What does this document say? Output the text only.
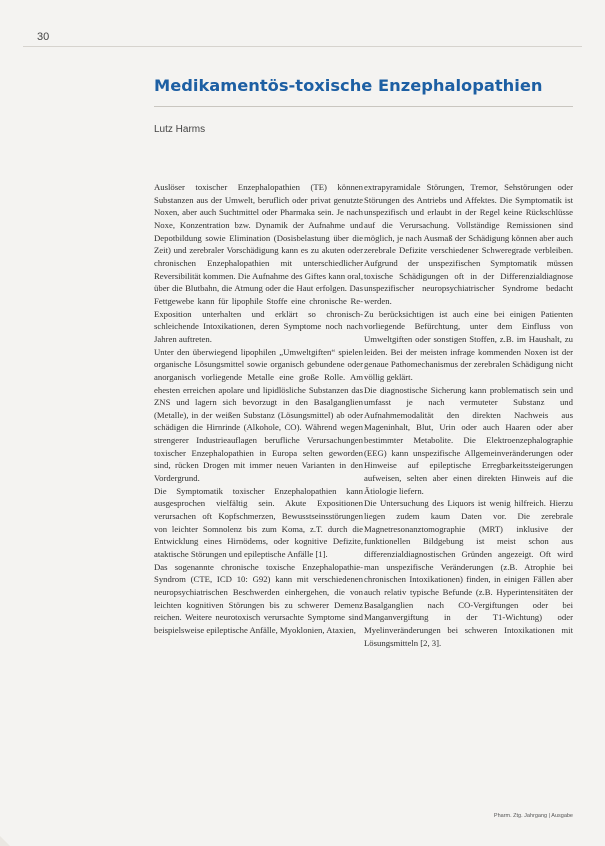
30
Medikamentös-toxische Enzephalopathien
Lutz Harms

Auslöser toxischer Enzephalopathien (TE) können Substanzen aus der Umwelt, beruflich oder privat genutzte Noxen, aber auch Suchtmittel oder Pharmaka sein. Je nach Noxe, Konzentration bzw. Dynamik der Aufnahme und Depotbildung sowie Elimination (Dosisbelastung über die Zeit) und zerebraler Vorschädigung kann es zu akuten oder chronischen Enzephalopathien mit unterschiedlicher Reversibilität kommen. Die Aufnahme des Giftes kann oral, über die Blutbahn, die Atmung oder die Haut erfolgen. Das Fettgewebe kann für lipophile Stoffe eine chronische Re-Exposition unterhalten und erklärt so chronisch-schleichende Intoxikationen, deren Symptome noch nach Jahren auftreten.

Unter den überwiegend lipophilen „Umweltgiften“ spielen organische Lösungsmittel sowie organisch gebundene oder anorganisch vorliegende Metalle eine große Rolle. Am ehesten erreichen apolare und lipidlösliche Substanzen das ZNS und lagern sich bevorzugt in den Basalganglien (Metalle), in der weißen Substanz (Lösungsmittel) ab oder schädigen die Hirnrinde (Alkohole, CO). Während wegen strengerer Industrieauflagen berufliche Verursachungen toxischer Enzephalopathien in Europa selten geworden sind, rücken Drogen mit immer neuen Varianten in den Vordergrund.

Die Symptomatik toxischer Enzephalopathien kann ausgesprochen vielfältig sein. Akute Expositionen verursachen oft Kopfschmerzen, Bewusstseinsstörungen von leichter Somnolenz bis zum Koma, z.T. durch die Entwicklung eines Hirnödems, oder kognitive Defizite, ataktische Störungen und epileptische Anfälle [1].

Das sogenannte chronische toxische Enzephalopathie-Syndrom (CTE, ICD 10: G92) kann mit verschiedenen neuropsychiatrischen Beschwerden einhergehen, die von leichten kognitiven Störungen bis zu schwerer Demenz reichen. Weitere neurotoxisch verursachte Symptome sind beispielsweise epileptische Anfälle, Myoklonien, Ataxien,

extrapyramidale Störungen, Tremor, Sehstörungen oder Störungen des Antriebs und Affektes. Die Symptomatik ist unspezifisch und erlaubt in der Regel keine Rückschlüsse auf die Verursachung. Vollständige Remissionen sind möglich, je nach Ausmaß der Schädigung können aber auch zerebrale Defizite verschiedener Schweregrade verbleiben. Aufgrund der unspezifischen Symptomatik müssen toxische Schädigungen oft in der Differenzialdiagnose unspezifischer neuropsychiatrischer Syndrome bedacht werden.

Zu berücksichtigen ist auch eine bei einigen Patienten vorliegende Befürchtung, unter dem Einfluss von Umweltgiften oder sonstigen Stoffen, z.B. im Haushalt, zu leiden. Bei der meisten infrage kommenden Noxen ist der genaue Pathomechanismus der zerebralen Schädigung nicht völlig geklärt.

Die diagnostische Sicherung kann problematisch sein und umfasst je nach vermuteter Substanz und Aufnahmemodalität den direkten Nachweis aus Mageninhalt, Blut, Urin oder auch Haaren oder aber bestimmter Metabolite. Die Elektroenzephalographie (EEG) kann unspezifische Allgemeinveränderungen oder Hinweise auf epileptische Erregbarkeitssteigerungen aufweisen, selten aber einen direkten Hinweis auf die Ätiologie liefern.

Die Untersuchung des Liquors ist wenig hilfreich. Hierzu liegen zudem kaum Daten vor. Die zerebrale Magnetresonanztomographie (MRT) inklusive der funktionellen Bildgebung ist meist schon aus differenzialdiagnostischen Gründen angezeigt. Oft wird man unspezifische Veränderungen (z.B. Atrophie bei chronischen Intoxikationen) finden, in einigen Fällen aber auch relativ typische Befunde (z.B. Hyperintensitäten der Basalganglien nach CO-Vergiftungen oder bei Manganvergiftung in der T1-Wichtung) oder Myelinveränderungen bei schweren Intoxikationen mit Lösungsmitteln [2, 3].

Pharm. Ztg. Jahrgang | Ausgabe
